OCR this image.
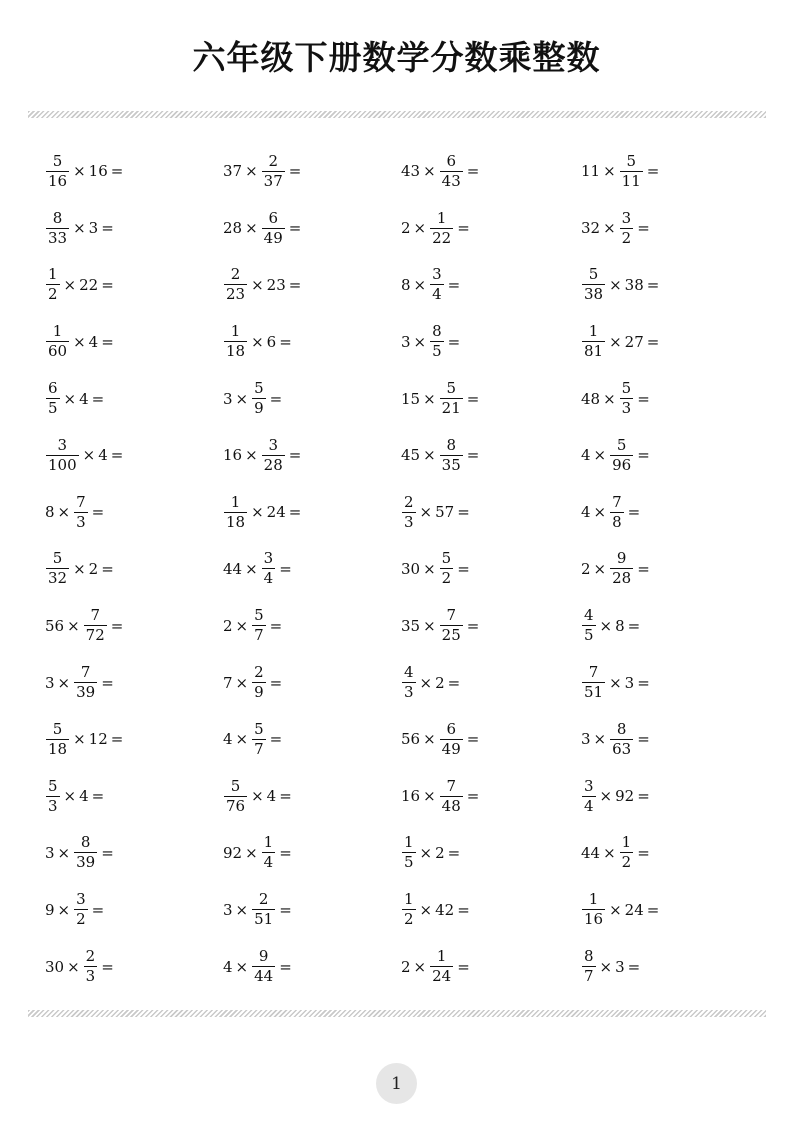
六年级下册数学分数乘整数
$\frac{5}{16} \times 16$ =	$37 \times \frac{2}{37}$ =	$43 \times \frac{6}{43}$ =	$11 \times \frac{5}{11}$ =
$\frac{8}{33} \times 3$ =	$28 \times \frac{6}{49}$ =	$2 \times \frac{1}{22}$ =	$32 \times \frac{3}{2}$ =
$\frac{1}{2} \times 22$ =	$\frac{2}{23} \times 23$ =	$8 \times \frac{3}{4}$ =	$\frac{5}{38} \times 38$ =
$\frac{1}{60} \times 4$ =	$\frac{1}{18} \times 6$ =	$3 \times \frac{8}{5}$ =	$\frac{1}{81} \times 27$ =
$\frac{6}{5} \times 4$ =	$3 \times \frac{5}{9}$ =	$15 \times \frac{5}{21}$ =	$48 \times \frac{5}{3}$ =
$\frac{3}{100} \times 4$ =	$16 \times \frac{3}{28}$ =	$45 \times \frac{8}{35}$ =	$4 \times \frac{5}{96}$ =
$8 \times \frac{7}{3}$ =	$\frac{1}{18} \times 24$ =	$\frac{2}{3} \times 57$ =	$4 \times \frac{7}{8}$ =
$\frac{5}{32} \times 2$ =	$44 \times \frac{3}{4}$ =	$30 \times \frac{5}{2}$ =	$2 \times \frac{9}{28}$ =
$56 \times \frac{7}{72}$ =	$2 \times \frac{5}{7}$ =	$35 \times \frac{7}{25}$ =	$\frac{4}{5} \times 8$ =
$3 \times \frac{7}{39}$ =	$7 \times \frac{2}{9}$ =	$\frac{4}{3} \times 2$ =	$\frac{7}{51} \times 3$ =
$\frac{5}{18} \times 12$ =	$4 \times \frac{5}{7}$ =	$56 \times \frac{6}{49}$ =	$3 \times \frac{8}{63}$ =
$\frac{5}{3} \times 4$ =	$\frac{5}{76} \times 4$ =	$16 \times \frac{7}{48}$ =	$\frac{3}{4} \times 92$ =
$3 \times \frac{8}{39}$ =	$92 \times \frac{1}{4}$ =	$\frac{1}{5} \times 2$ =	$44 \times \frac{1}{2}$ =
$9 \times \frac{3}{2}$ =	$3 \times \frac{2}{51}$ =	$\frac{1}{2} \times 42$ =	$\frac{1}{16} \times 24$ =
$30 \times \frac{2}{3}$ =	$4 \times \frac{9}{44}$ =	$2 \times \frac{1}{24}$ =	$\frac{8}{7} \times 3$ =
1
